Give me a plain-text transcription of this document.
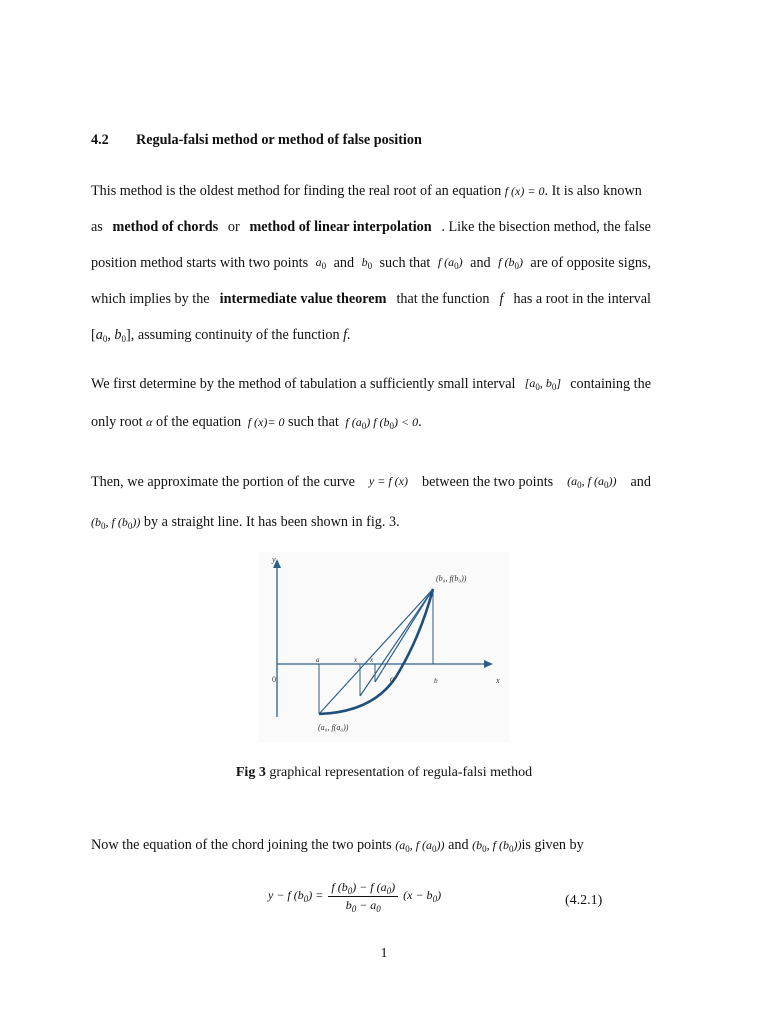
4.2 Regula-falsi method or method of false position
This method is the oldest method for finding the real root of an equation f (x) = 0. It is also known
as method of chords or method of linear interpolation . Like the bisection method, the false
position method starts with two points $a_0$ and $b_0$ such that f $(a_0)$ and f $(b_0)$ are of opposite signs,
which implies by the intermediate value theorem that the function f has a root in the interval
[$a_0$, $b_0$], assuming continuity of the function f.
We first determine by the method of tabulation a sufficiently small interval [$a_0$, $b_0$] containing the
only root α of the equation  f (x)= 0 such that  f $(a_0)$ f $(b_0) < 0$.
Then, we approximate the portion of the curve y = f (x) between the two points ($a_0$, f $(a_0)$) and
($b_0$, f $(b_0)$) by a straight line. It has been shown in fig. 3.
y
x
0
a	x x
α	b
(b₀, f(b₀))
(a₀, f(a₀))
Fig 3 graphical representation of regula-falsi method
Now the equation of the chord joining the two points ($a_0$, f $(a_0)$) and ($b_0$, f $(b_0))is$ given by
y − f $(b_0) = \frac{f (b_0) - f (a_0)}{b_0 - a_0} (x - b_0)$	(4.2.1)
1
